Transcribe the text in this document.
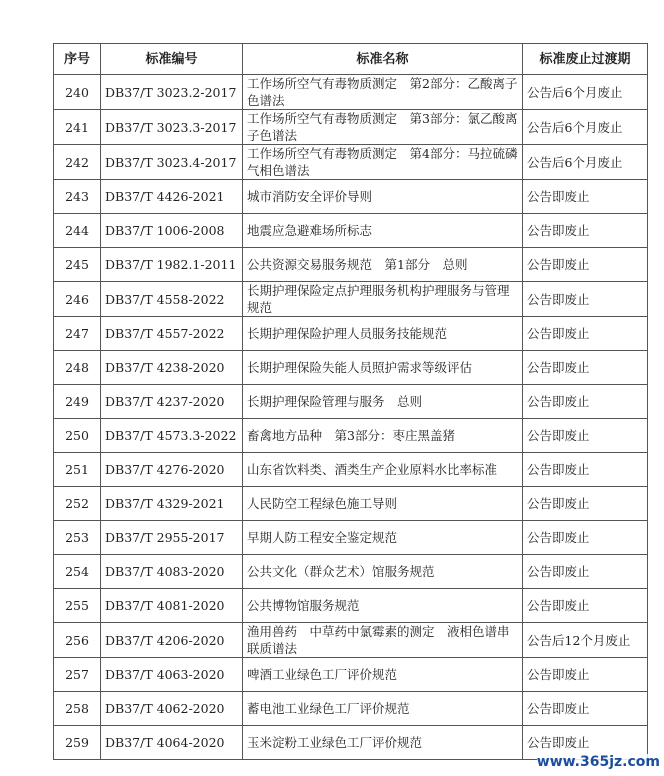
序号	标准编号	标准名称	标准废止过渡期
240	DB37/T 3023.2-2017	工作场所空气有毒物质测定　第2部分：乙酸离子色谱法	公告后6个月废止
241	DB37/T 3023.3-2017	工作场所空气有毒物质测定　第3部分：氯乙酸离子色谱法	公告后6个月废止
242	DB37/T 3023.4-2017	工作场所空气有毒物质测定　第4部分：马拉硫磷　气相色谱法	公告后6个月废止
243	DB37/T 4426-2021	城市消防安全评价导则	公告即废止
244	DB37/T 1006-2008	地震应急避难场所标志	公告即废止
245	DB37/T 1982.1-2011	公共资源交易服务规范　第1部分　总则	公告即废止
246	DB37/T 4558-2022	长期护理保险定点护理服务机构护理服务与管理规范	公告即废止
247	DB37/T 4557-2022	长期护理保险护理人员服务技能规范	公告即废止
248	DB37/T 4238-2020	长期护理保险失能人员照护需求等级评估	公告即废止
249	DB37/T 4237-2020	长期护理保险管理与服务　总则	公告即废止
250	DB37/T 4573.3-2022	畜禽地方品种　第3部分：枣庄黑盖猪	公告即废止
251	DB37/T 4276-2020	山东省饮料类、酒类生产企业原料水比率标准	公告即废止
252	DB37/T 4329-2021	人民防空工程绿色施工导则	公告即废止
253	DB37/T 2955-2017	早期人防工程安全鉴定规范	公告即废止
254	DB37/T 4083-2020	公共文化（群众艺术）馆服务规范	公告即废止
255	DB37/T 4081-2020	公共博物馆服务规范	公告即废止
256	DB37/T 4206-2020	渔用兽药　中草药中氯霉素的测定　液相色谱串联质谱法	公告后12个月废止
257	DB37/T 4063-2020	啤酒工业绿色工厂评价规范	公告即废止
258	DB37/T 4062-2020	蓄电池工业绿色工厂评价规范	公告即废止
259	DB37/T 4064-2020	玉米淀粉工业绿色工厂评价规范	公告即废止
www.365jz.com
